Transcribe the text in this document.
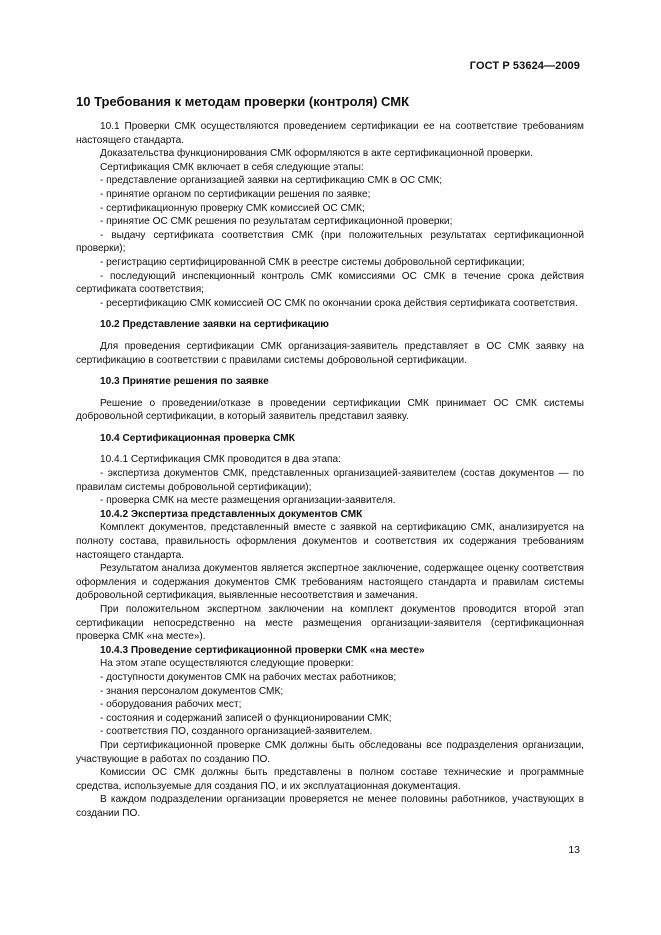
ГОСТ Р 53624—2009
10 Требования к методам проверки (контроля) СМК

10.1 Проверки СМК осуществляются проведением сертификации ее на соответствие требованиям настоящего стандарта.

Доказательства функционирования СМК оформляются в акте сертификационной проверки.

Сертификация СМК включает в себя следующие этапы:

- представление организацией заявки на сертификацию СМК в ОС СМК;

- принятие органом по сертификации решения по заявке;

- сертификационную проверку СМК комиссией ОС СМК;

- принятие ОС СМК решения по результатам сертификационной проверки;

- выдачу сертификата соответствия СМК (при положительных результатах сертификационной проверки);

- регистрацию сертифицированной СМК в реестре системы добровольной сертификации;

- последующий инспекционный контроль СМК комиссиями ОС СМК в течение срока действия сертификата соответствия;

- ресертификацию СМК комиссией ОС СМК по окончании срока действия сертификата соответствия.

10.2 Представление заявки на сертификацию

Для проведения сертификации СМК организация-заявитель представляет в ОС СМК заявку на сертификацию в соответствии с правилами системы добровольной сертификации.

10.3 Принятие решения по заявке

Решение о проведении/отказе в проведении сертификации СМК принимает ОС СМК системы добровольной сертификации, в который заявитель представил заявку.

10.4 Сертификационная проверка СМК

10.4.1 Сертификация СМК проводится в два этапа:

- экспертиза документов СМК, представленных организацией-заявителем (состав документов — по правилам системы добровольной сертификации);

- проверка СМК на месте размещения организации-заявителя.

10.4.2 Экспертиза представленных документов СМК

Комплект документов, представленный вместе с заявкой на сертификацию СМК, анализируется на полноту состава, правильность оформления документов и соответствия их содержания требованиям настоящего стандарта.

Результатом анализа документов является экспертное заключение, содержащее оценку соответствия оформления и содержания документов СМК требованиям настоящего стандарта и правилам системы добровольной сертификация, выявленные несоответствия и замечания.

При положительном экспертном заключении на комплект документов проводится второй этап сертификации непосредственно на месте размещения организации-заявителя (сертификационная проверка СМК «на месте»).

10.4.3 Проведение сертификационной проверки СМК «на месте»

На этом этапе осуществляются следующие проверки:

- доступности документов СМК на рабочих местах работников;

- знания персоналом документов СМК;

- оборудования рабочих мест;

- состояния и содержаний записей о функционировании СМК;

- соответствия ПО, созданного организацией-заявителем.

При сертификационной проверке СМК должны быть обследованы все подразделения организации, участвующие в работах по созданию ПО.

Комиссии ОС СМК должны быть представлены в полном составе технические и программные средства, используемые для создания ПО, и их эксплуатационная документация.

В каждом подразделении организации проверяется не менее половины работников, участвующих в создании ПО.

13
